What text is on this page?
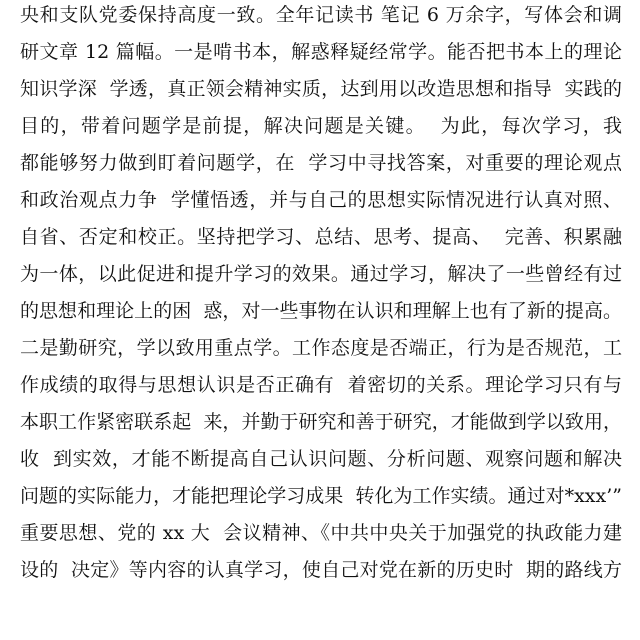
央和支队党委保持高度一致。全年记读书 笔记 6 万余字，写体会和调
研文章 12 篇幅。一是啃书本，解惑释疑经常学。能否把书本上的理论
知识学深  学透，真正领会精神实质，达到用以改造思想和指导  实践的
目的，带着问题学是前提，解决问题是关键。  为此，每次学习，我
都能够努力做到盯着问题学，在  学习中寻找答案，对重要的理论观点
和政治观点力争  学懂悟透，并与自己的思想实际情况进行认真对照、
自省、否定和校正。坚持把学习、总结、思考、提高、  完善、积累融
为一体，以此促进和提升学习的效果。通过学习，解决了一些曾经有过
的思想和理论上的困  惑，对一些事物在认识和理解上也有了新的提高。
二是勤研究，学以致用重点学。工作态度是否端正，行为是否规范，工
作成绩的取得与思想认识是否正确有  着密切的关系。理论学习只有与
本职工作紧密联系起  来，并勤于研究和善于研究，才能做到学以致用，
收  到实效，才能不断提高自己认识问题、分析问题、观察问题和解决
问题的实际能力，才能把理论学习成果  转化为工作实绩。通过对*xxx’”
重要思想、党的 xx 大  会议精神、《中共中央关于加强党的执政能力建
设的  决定》等内容的认真学习，使自己对党在新的历史时  期的路线方
